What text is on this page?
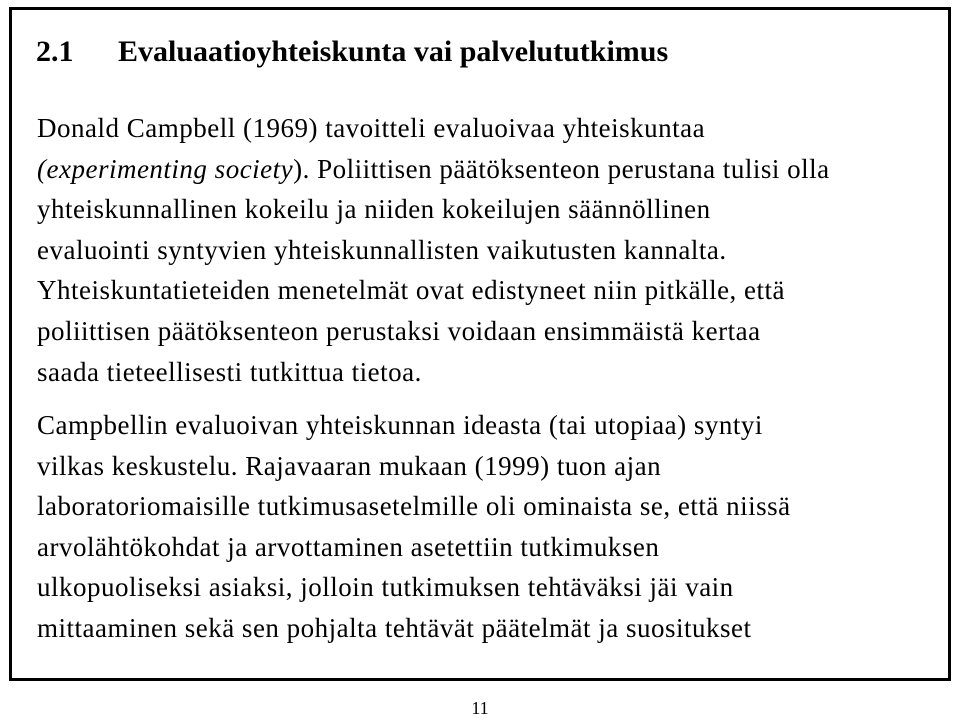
2.1 Evaluaatioyhteiskunta vai palvelututkimus
Donald Campbell (1969) tavoitteli evaluoivaa yhteiskuntaa
(experimenting society). Poliittisen päätöksenteon perustana tulisi olla
yhteiskunnallinen kokeilu ja niiden kokeilujen säännöllinen
evaluointi syntyvien yhteiskunnallisten vaikutusten kannalta.
Yhteiskuntatieteiden menetelmät ovat edistyneet niin pitkälle, että
poliittisen päätöksenteon perustaksi voidaan ensimmäistä kertaa
saada tieteellisesti tutkittua tietoa.
Campbellin evaluoivan yhteiskunnan ideasta (tai utopiaa) syntyi
vilkas keskustelu. Rajavaaran mukaan (1999) tuon ajan
laboratoriomaisille tutkimusasetelmille oli ominaista se, että niissä
arvolähtökohdat ja arvottaminen asetettiin tutkimuksen
ulkopuoliseksi asiaksi, jolloin tutkimuksen tehtäväksi jäi vain
mittaaminen sekä sen pohjalta tehtävät päätelmät ja suositukset
11
